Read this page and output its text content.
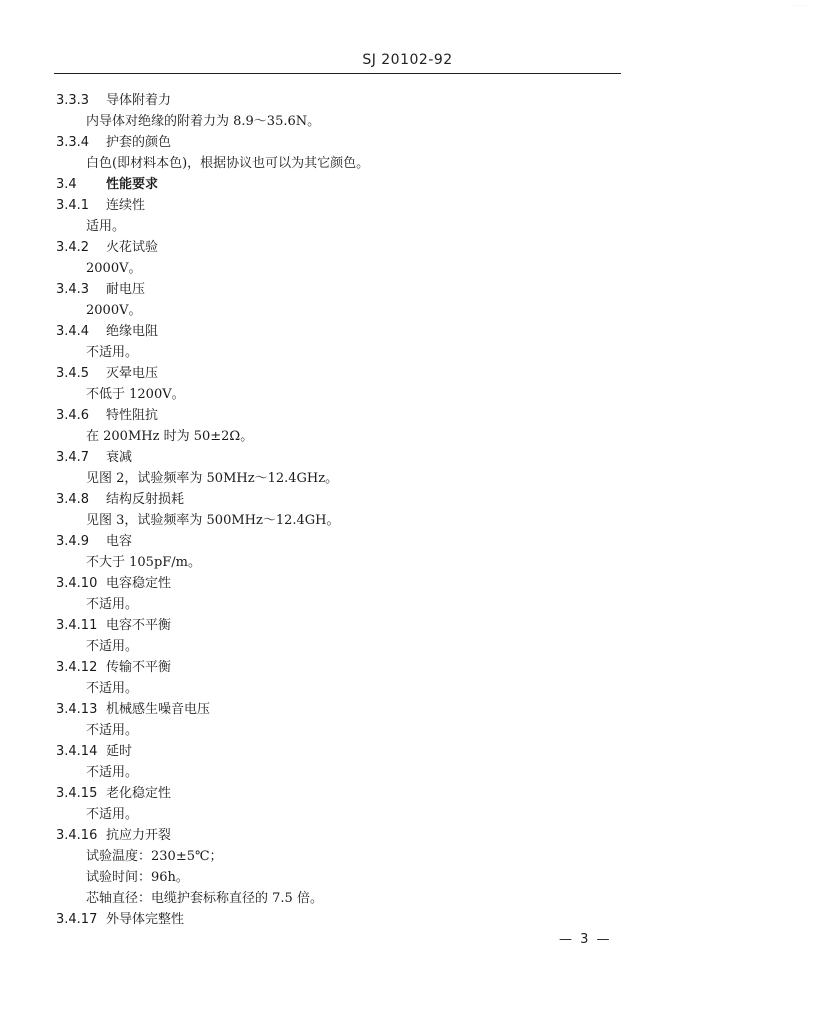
· · · · ·
SJ 20102-92
3.3.3 导体附着力
内导体对绝缘的附着力为 8.9～35.6N。
3.3.4 护套的颜色
白色(即材料本色)，根据协议也可以为其它颜色。
3.4 性能要求
3.4.1 连续性
适用。
3.4.2 火花试验
2000V。
3.4.3 耐电压
2000V。
3.4.4 绝缘电阻
不适用。
3.4.5 灭晕电压
不低于 1200V。
3.4.6 特性阻抗
在 200MHz 时为 50±2Ω。
3.4.7 衰减
见图 2，试验频率为 50MHz～12.4GHz。
3.4.8 结构反射损耗
见图 3，试验频率为 500MHz～12.4GH。
3.4.9 电容
不大于 105pF/m。
3.4.10 电容稳定性
不适用。
3.4.11 电容不平衡
不适用。
3.4.12 传输不平衡
不适用。
3.4.13 机械感生噪音电压
不适用。
3.4.14 延时
不适用。
3.4.15 老化稳定性
不适用。
3.4.16 抗应力开裂
试验温度：230±5℃；
试验时间：96h。
芯轴直径：电缆护套标称直径的 7.5 倍。
3.4.17 外导体完整性
— 3 —
